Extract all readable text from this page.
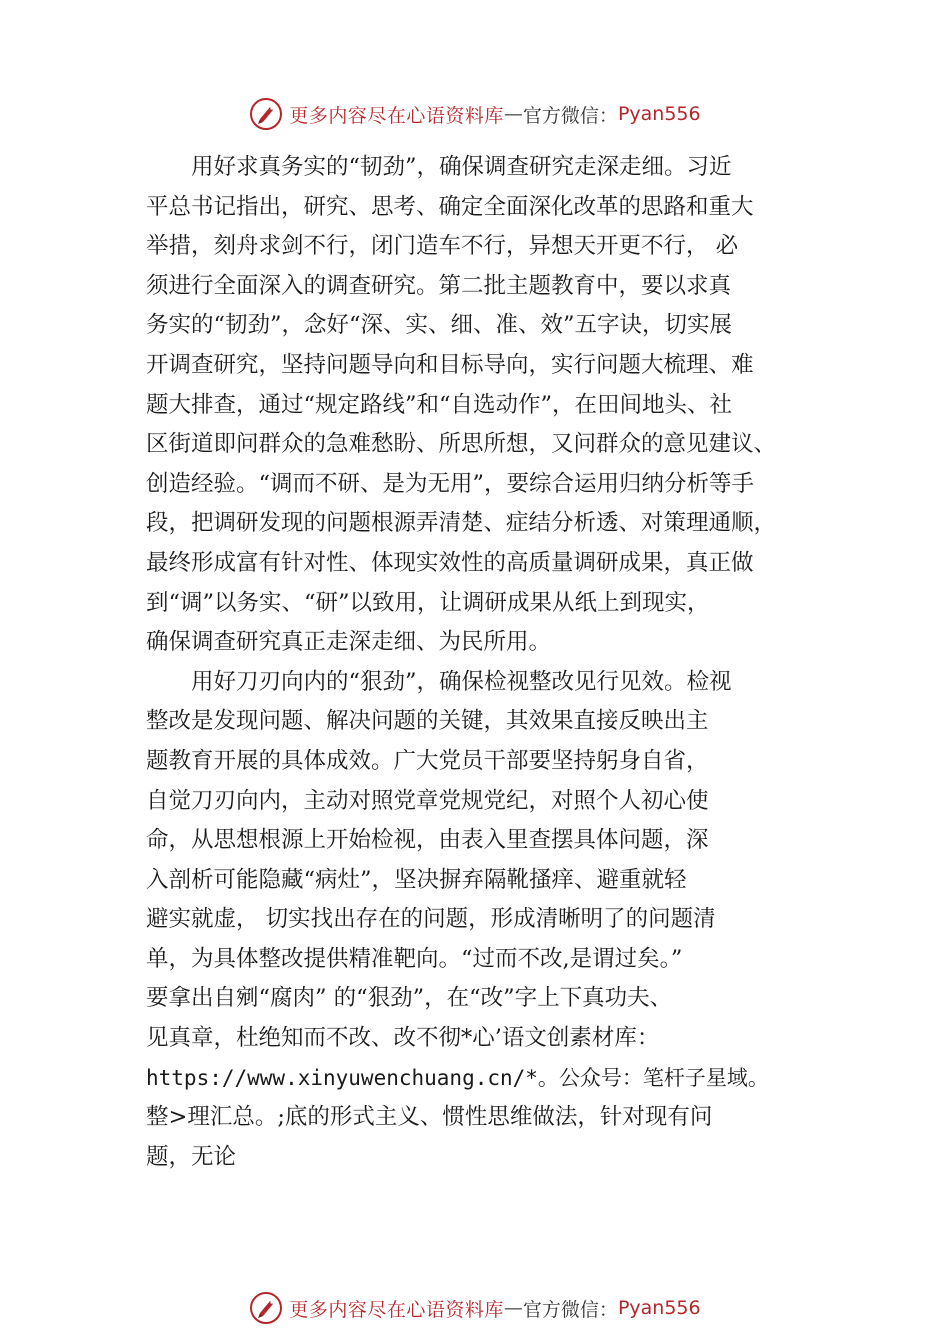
更多内容尽在心语资料库 — 官方微信： Pyan556
用好求真务实的“韧劲”，确保调查研究走深走细。习近
平总书记指出，研究、思考、确定全面深化改革的思路和重大
举措，刻舟求剑不行，闭门造车不行，异想天开更不行， 必
须进行全面深入的调查研究。第二批主题教育中，要以求真
务实的“韧劲”，念好“深、实、细、准、效”五字诀，切实展
开调查研究，坚持问题导向和目标导向，实行问题大梳理、难
题大排查，通过“规定路线”和“自选动作”，在田间地头、社
区街道即问群众的急难愁盼、所思所想，又问群众的意见建议、
创造经验。“调而不研、是为无用”，要综合运用归纳分析等手
段，把调研发现的问题根源弄清楚、症结分析透、对策理通顺，
最终形成富有针对性、体现实效性的高质量调研成果，真正做
到“调”以务实、“研”以致用，让调研成果从纸上到现实，
确保调查研究真正走深走细、为民所用。
用好刀刃向内的“狠劲”，确保检视整改见行见效。检视
整改是发现问题、解决问题的关键，其效果直接反映出主
题教育开展的具体成效。广大党员干部要坚持躬身自省，
自觉刀刃向内，主动对照党章党规党纪，对照个人初心使
命，从思想根源上开始检视，由表入里查摆具体问题，深
入剖析可能隐藏“病灶”，坚决摒弃隔靴搔痒、避重就轻
避实就虚， 切实找出存在的问题，形成清晰明了的问题清
单，为具体整改提供精准靶向。“过而不改,是谓过矣。”
要拿出自剜“腐肉” 的“狠劲”，在“改”字上下真功夫、
见真章，杜绝知而不改、改不彻*心’语文创素材库：
https://www.xinyuwenchuang.cn/*。公众号：笔杆子星域。
整>理汇总。;底的形式主义、惯性思维做法，针对现有问
题，无论
更多内容尽在心语资料库 — 官方微信： Pyan556
